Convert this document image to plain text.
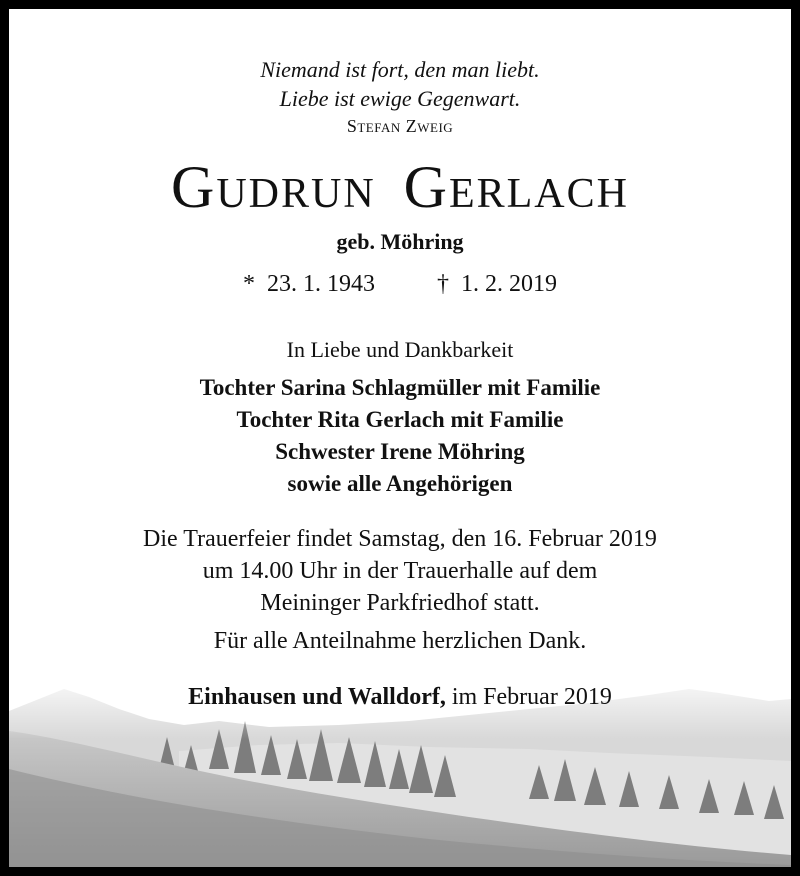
Niemand ist fort, den man liebt.
Liebe ist ewige Gegenwart.
Stefan Zweig
Gudrun Gerlach
geb. Möhring
* 23. 1. 1943	† 1. 2. 2019
In Liebe und Dankbarkeit
Tochter Sarina Schlagmüller mit Familie
Tochter Rita Gerlach mit Familie
Schwester Irene Möhring
sowie alle Angehörigen
Die Trauerfeier findet Samstag, den 16. Februar 2019
um 14.00 Uhr in der Trauerhalle auf dem
Meininger Parkfriedhof statt.
Für alle Anteilnahme herzlichen Dank.
Einhausen und Walldorf, im Februar 2019
